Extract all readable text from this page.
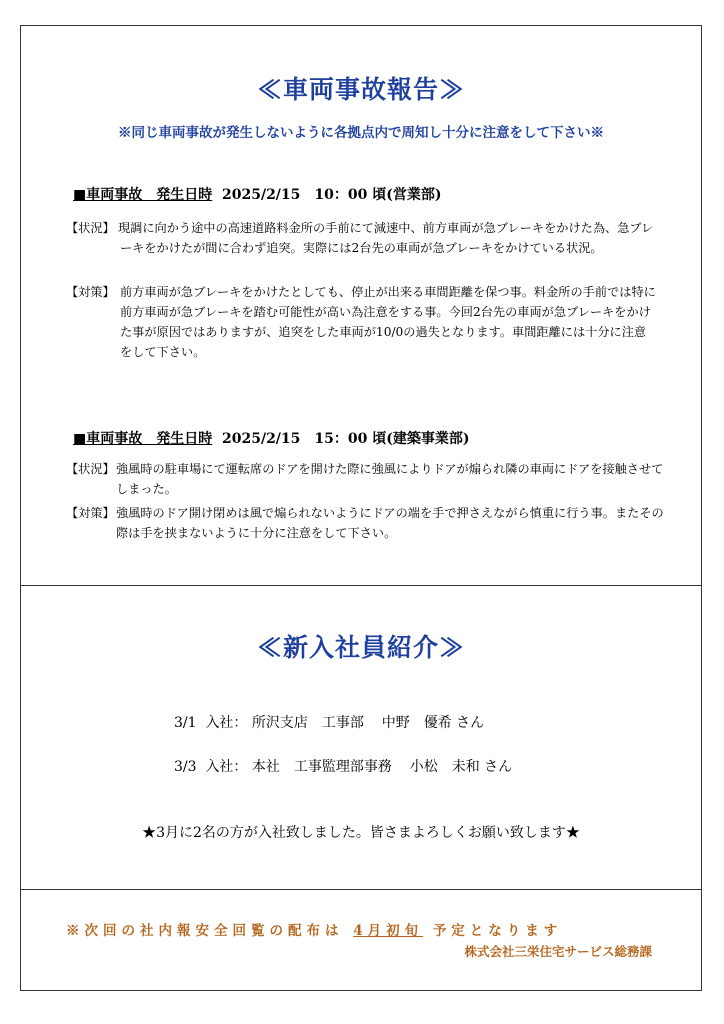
≪車両事故報告≫
※同じ車両事故が発生しないように各拠点内で周知し十分に注意をして下さい※
■車両事故　発生日時 2025/2/15　10：00 頃(営業部)
【状況】 現調に向かう途中の高速道路料金所の手前にて減速中、前方車両が急ブレーキをかけた為、急ブレーキをかけたが間に合わず追突。実際には2台先の車両が急ブレーキをかけている状況。
【対策】 前方車両が急ブレーキをかけたとしても、停止が出来る車間距離を保つ事。料金所の手前では特に前方車両が急ブレーキを踏む可能性が高い為注意をする事。今回2台先の車両が急ブレーキをかけた事が原因ではありますが、追突をした車両が10/0の過失となります。車間距離には十分に注意をして下さい。
■車両事故　発生日時 2025/2/15　15：00 頃(建築事業部)
【状況】 強風時の駐車場にて運転席のドアを開けた際に強風によりドアが煽られ隣の車両にドアを接触させてしまった。
【対策】 強風時のドア開け閉めは風で煽られないようにドアの端を手で押さえながら慎重に行う事。またその際は手を挟まないように十分に注意をして下さい。
≪新入社員紹介≫
3/1 入社： 所沢支店　工事部 中野　優希 さん
3/3 入社： 本社　工事監理部事務 小松　未和 さん
★3月に2名の方が入社致しました。皆さまよろしくお願い致します★
※次回の社内報安全回覧の配布は 4月初旬 予定となります
株式会社三栄住宅サービス総務課
